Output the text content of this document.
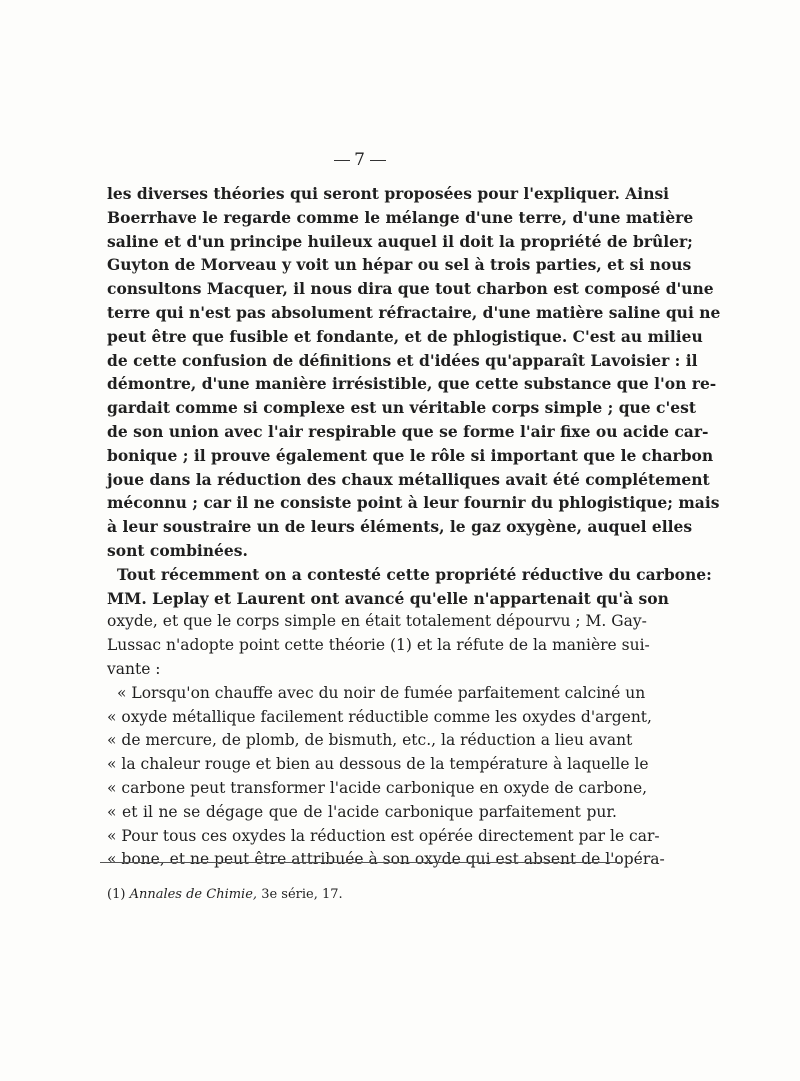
7
les diverses théories qui seront proposées pour l'expliquer. Ainsi
Boerrhave le regarde comme le mélange d'une terre, d'une matière
saline et d'un principe huileux auquel il doit la propriété de brûler;
Guyton de Morveau y voit un hépar ou sel à trois parties, et si nous
consultons Macquer, il nous dira que tout charbon est composé d'une
terre qui n'est pas absolument réfractaire, d'une matière saline qui ne
peut être que fusible et fondante, et de phlogistique. C'est au milieu
de cette confusion de définitions et d'idées qu'apparaît Lavoisier : il
démontre, d'une manière irrésistible, que cette substance que l'on re-
gardait comme si complexe est un véritable corps simple ; que c'est
de son union avec l'air respirable que se forme l'air fixe ou acide car-
bonique ; il prouve également que le rôle si important que le charbon
joue dans la réduction des chaux métalliques avait été complétement
méconnu ; car il ne consiste point à leur fournir du phlogistique; mais
à leur soustraire un de leurs éléments, le gaz oxygène, auquel elles
sont combinées.
Tout récemment on a contesté cette propriété réductive du carbone:
MM. Leplay et Laurent ont avancé qu'elle n'appartenait qu'à son
oxyde, et que le corps simple en était totalement dépourvu ; M. Gay-
Lussac n'adopte point cette théorie (1) et la réfute de la manière sui-
vante :
« Lorsqu'on chauffe avec du noir de fumée parfaitement calciné un
« oxyde métallique facilement réductible comme les oxydes d'argent,
« de mercure, de plomb, de bismuth, etc., la réduction a lieu avant
« la chaleur rouge et bien au dessous de la température à laquelle le
« carbone peut transformer l'acide carbonique en oxyde de carbone,
« et il ne se dégage que de l'acide carbonique parfaitement pur.
« Pour tous ces oxydes la réduction est opérée directement par le car-
« bone, et ne peut être attribuée à son oxyde qui est absent de l'opéra-
(1) Annales de Chimie, 3e série, 17.
